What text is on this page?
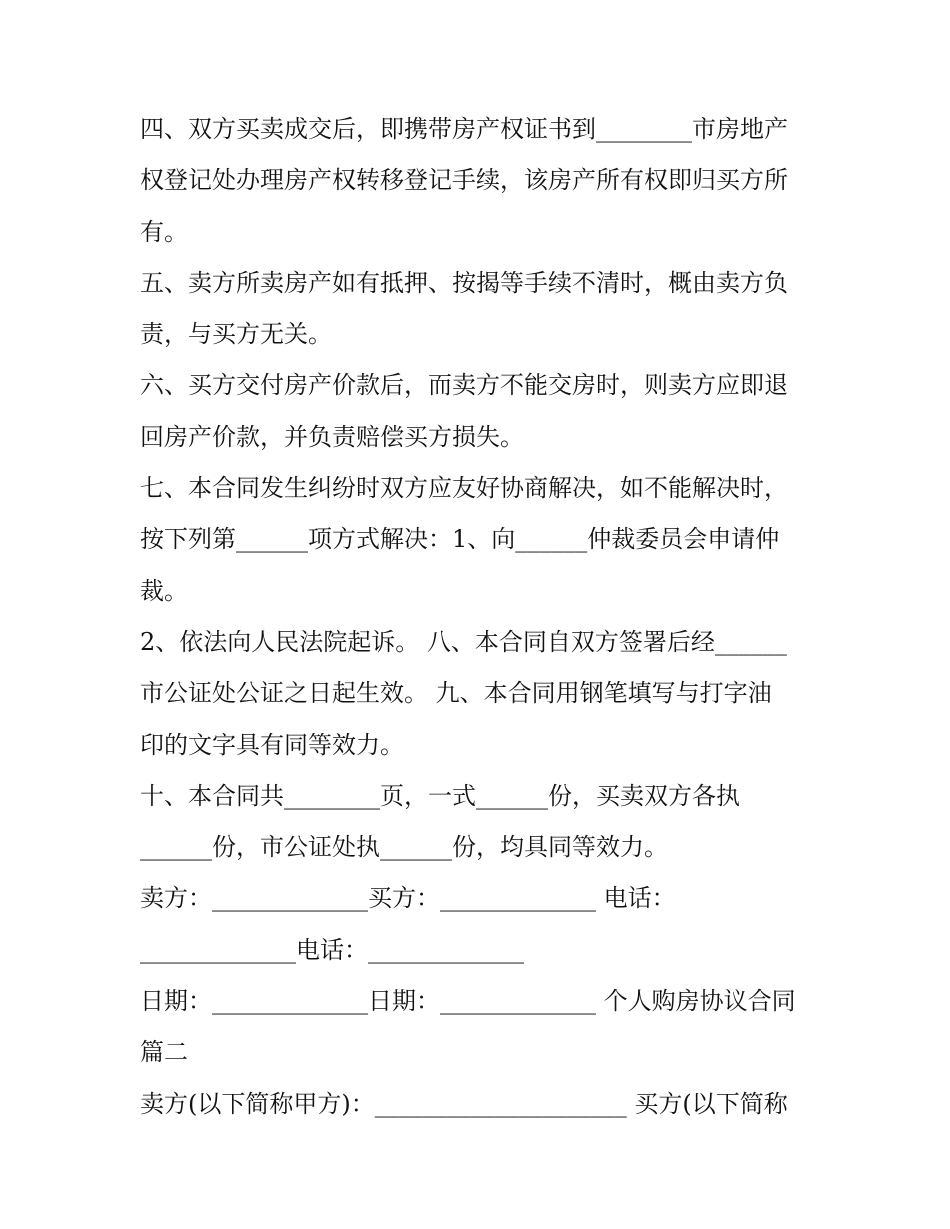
四、双方买卖成交后，即携带房产权证书到________市房地产
权登记处办理房产权转移登记手续，该房产所有权即归买方所
有。
五、卖方所卖房产如有抵押、按揭等手续不清时，概由卖方负
责，与买方无关。
六、买方交付房产价款后，而卖方不能交房时，则卖方应即退
回房产价款，并负责赔偿买方损失。
七、本合同发生纠纷时双方应友好协商解决，如不能解决时，
按下列第______项方式解决：1、向______仲裁委员会申请仲
裁。
2、依法向人民法院起诉。 八、本合同自双方签署后经______
市公证处公证之日起生效。 九、本合同用钢笔填写与打字油
印的文字具有同等效力。
十、本合同共________页，一式______份，买卖双方各执
______份，市公证处执______份，均具同等效力。
卖方：_____________买方：_____________ 电话：
_____________电话：_____________
日期：_____________日期：_____________ 个人购房协议合同
篇二
卖方(以下简称甲方)：_____________________ 买方(以下简称
